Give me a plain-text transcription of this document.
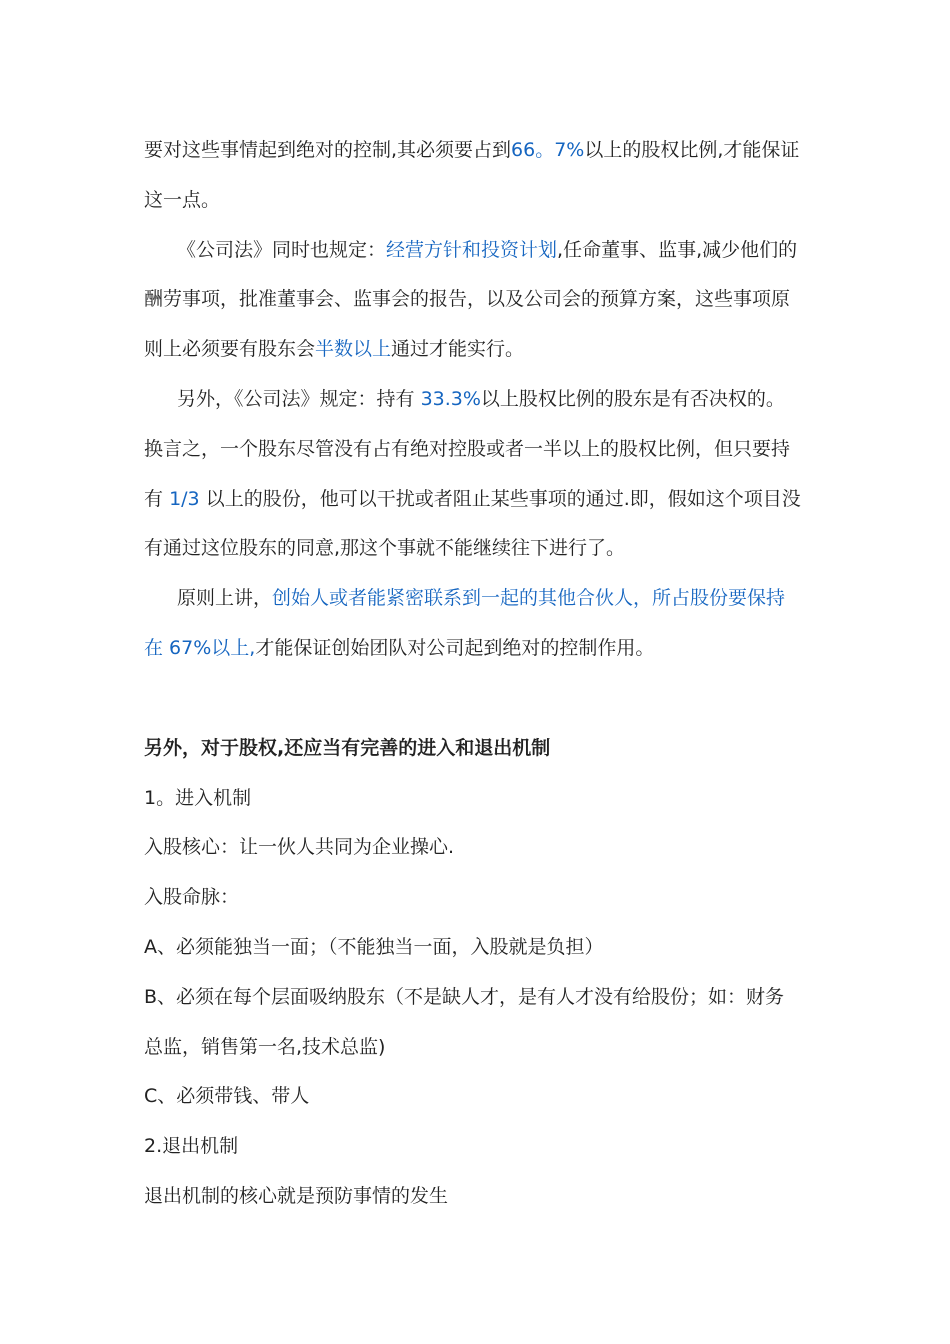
要对这些事情起到绝对的控制,其必须要占到66。7%以上的股权比例,才能保证
这一点。
《公司法》同时也规定：经营方针和投资计划,任命董事、监事,减少他们的
酬劳事项，批准董事会、监事会的报告，以及公司会的预算方案，这些事项原
则上必须要有股东会半数以上通过才能实行。
另外，《公司法》规定：持有 33.3%以上股权比例的股东是有否决权的。
换言之，一个股东尽管没有占有绝对控股或者一半以上的股权比例，但只要持
有 1/3 以上的股份，他可以干扰或者阻止某些事项的通过.即，假如这个项目没
有通过这位股东的同意,那这个事就不能继续往下进行了。
原则上讲，创始人或者能紧密联系到一起的其他合伙人，所占股份要保持
在 67%以上,才能保证创始团队对公司起到绝对的控制作用。
另外，对于股权,还应当有完善的进入和退出机制
1。进入机制
入股核心：让一伙人共同为企业操心.
入股命脉：
A、必须能独当一面；（不能独当一面，入股就是负担）
B、必须在每个层面吸纳股东（不是缺人才，是有人才没有给股份；如：财务
总监，销售第一名,技术总监)
C、必须带钱、带人
2.退出机制
退出机制的核心就是预防事情的发生
